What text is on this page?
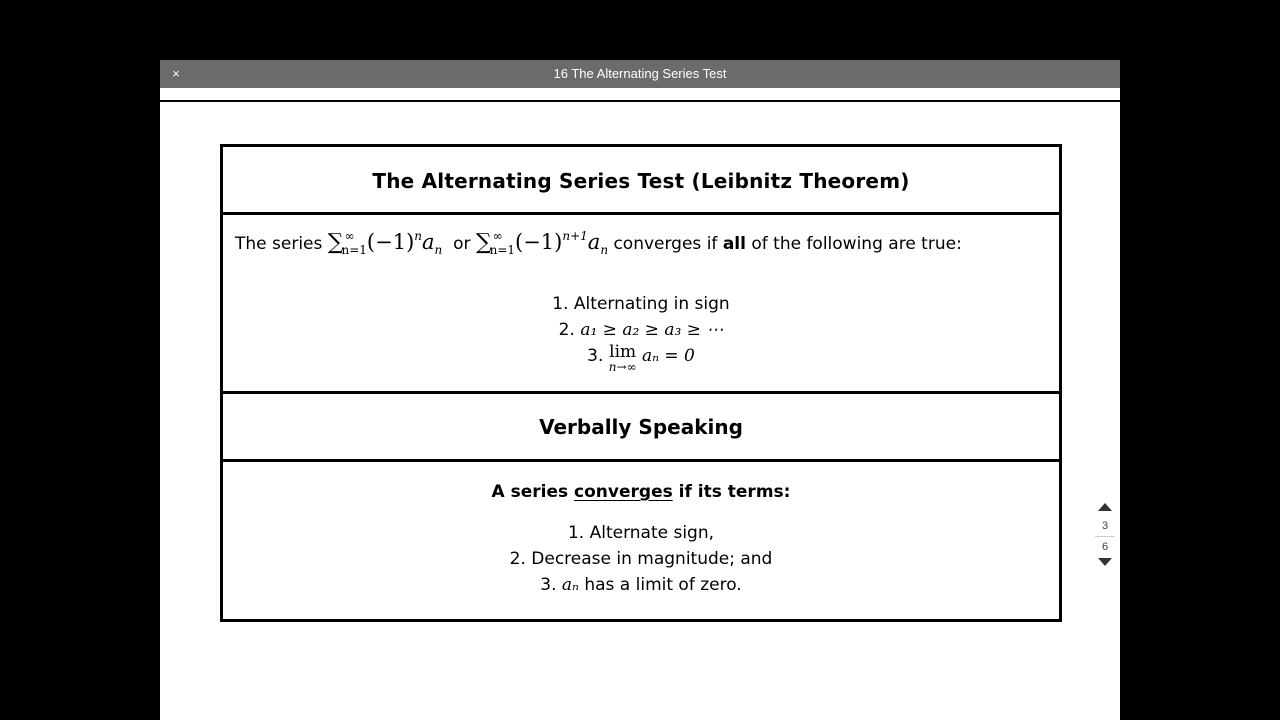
×	16 The Alternating Series Test
The Alternating Series Test (Leibnitz Theorem)
The series $\sum^\infty_{n=1}(-1)^na_n$ or $\sum^\infty_{n=1}(-1)^{n+1}a_n$ converges if all of the following are true:
1. Alternating in sign
2. a₁ ≥ a₂ ≥ a₃ ≥ ⋯
3. lim
n→∞
aₙ = 0
Verbally Speaking
A series converges if its terms:
1. Alternate sign,
2. Decrease in magnitude; and
3. aₙ has a limit of zero.
3
6
